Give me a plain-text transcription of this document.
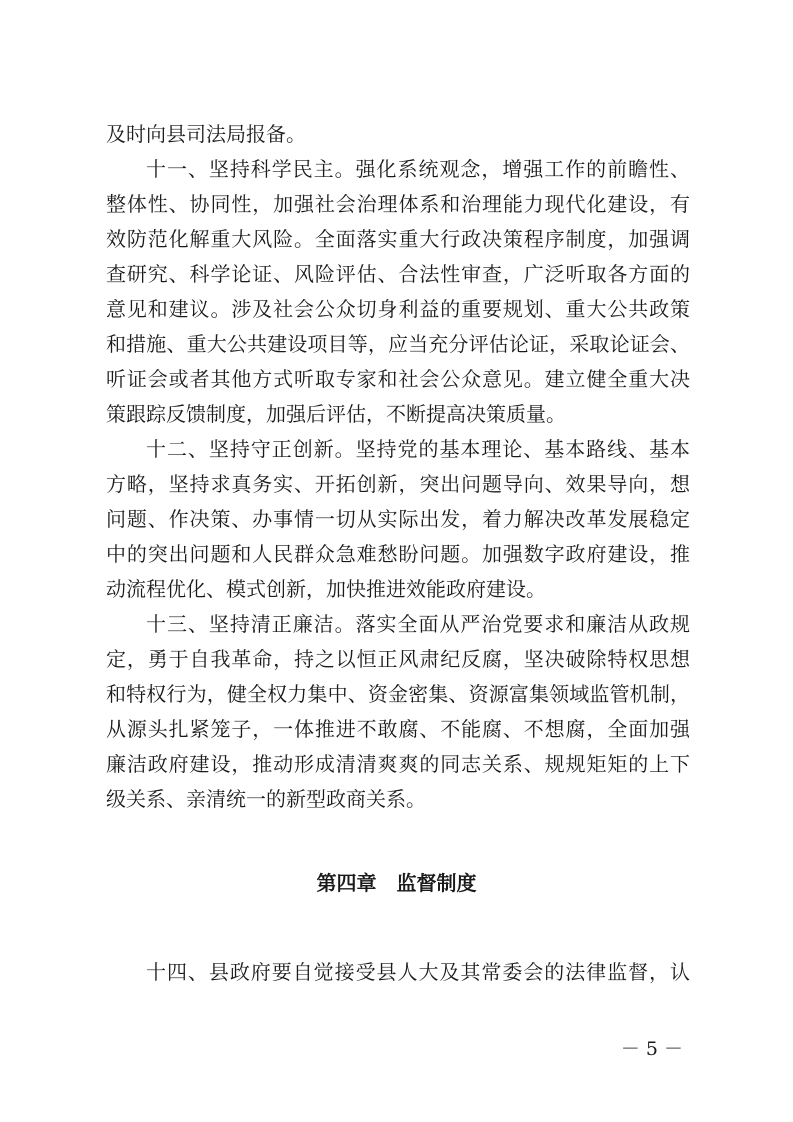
及时向县司法局报备。
十一、坚持科学民主。强化系统观念，增强工作的前瞻性、
整体性、协同性，加强社会治理体系和治理能力现代化建设，有
效防范化解重大风险。全面落实重大行政决策程序制度，加强调
查研究、科学论证、风险评估、合法性审查，广泛听取各方面的
意见和建议。涉及社会公众切身利益的重要规划、重大公共政策
和措施、重大公共建设项目等，应当充分评估论证，采取论证会、
听证会或者其他方式听取专家和社会公众意见。建立健全重大决
策跟踪反馈制度，加强后评估，不断提高决策质量。
十二、坚持守正创新。坚持党的基本理论、基本路线、基本
方略，坚持求真务实、开拓创新，突出问题导向、效果导向，想
问题、作决策、办事情一切从实际出发，着力解决改革发展稳定
中的突出问题和人民群众急难愁盼问题。加强数字政府建设，推
动流程优化、模式创新，加快推进效能政府建设。
十三、坚持清正廉洁。落实全面从严治党要求和廉洁从政规
定，勇于自我革命，持之以恒正风肃纪反腐，坚决破除特权思想
和特权行为，健全权力集中、资金密集、资源富集领域监管机制，
从源头扎紧笼子，一体推进不敢腐、不能腐、不想腐，全面加强
廉洁政府建设，推动形成清清爽爽的同志关系、规规矩矩的上下
级关系、亲清统一的新型政商关系。
第四章　监督制度
十四、县政府要自觉接受县人大及其常委会的法律监督，认
－ 5 －
